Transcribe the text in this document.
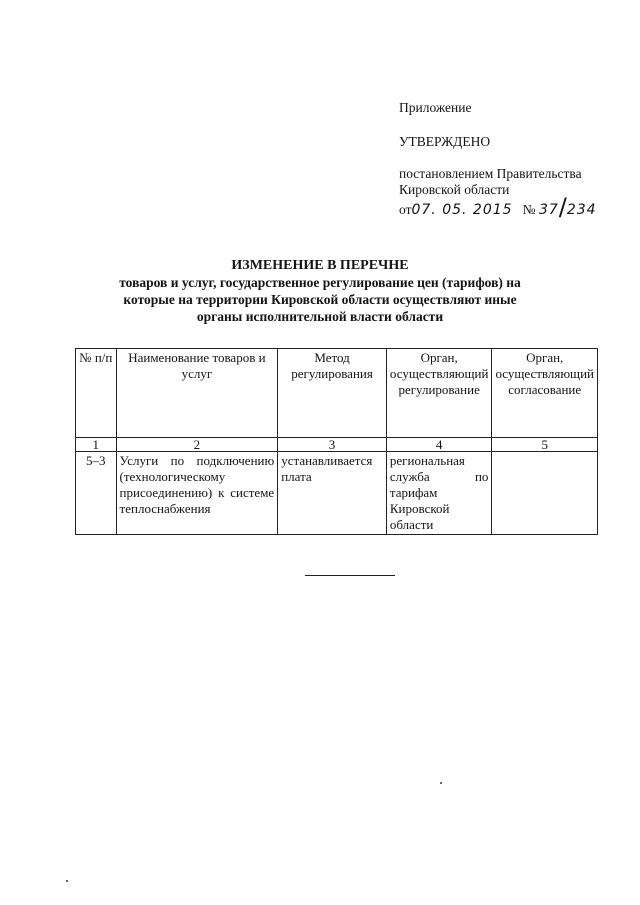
Приложение
УТВЕРЖДЕНО
постановлением Правительства
Кировской области
от07. 05. 2015 № 37/234
ИЗМЕНЕНИЕ В ПЕРЕЧНЕ
товаров и услуг, государственное регулирование цен (тарифов) на
которые на территории Кировской области осуществляют иные
органы исполнительной власти области
№ п/п	Наименование товаров и услуг	Метод регулирования	Орган, осуществляющий регулирование	Орган, осуществляющий согласование
1	2	3	4	5
5–3	Услуги по подключению (технологическому присоединению) к системе теплоснабжения	устанавливается плата	региональная служба по тарифам Кировской области	
